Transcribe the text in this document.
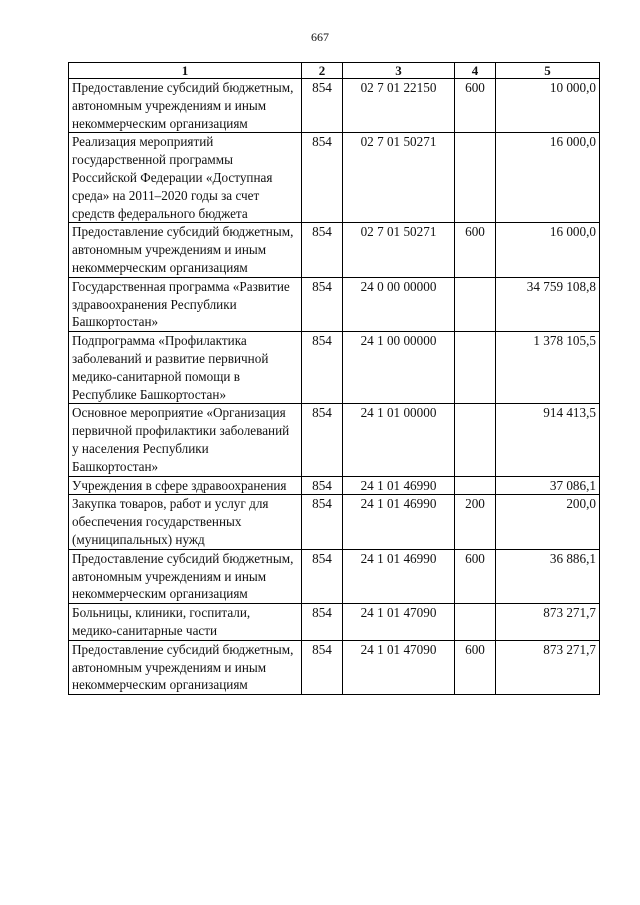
667
1	2	3	4	5
Предоставление субсидий бюджетным, автономным учреждениям и иным некоммерческим организациям	854	02 7 01 22150	600	10 000,0
Реализация мероприятий государственной программы Российской Федерации «Доступная среда» на 2011–2020 годы за счет средств федерального бюджета	854	02 7 01 50271		16 000,0
Предоставление субсидий бюджетным, автономным учреждениям и иным некоммерческим организациям	854	02 7 01 50271	600	16 000,0
Государственная программа «Развитие здравоохранения Республики Башкортостан»	854	24 0 00 00000		34 759 108,8
Подпрограмма «Профилактика заболеваний и развитие первичной медико-санитарной помощи в Республике Башкортостан»	854	24 1 00 00000		1 378 105,5
Основное мероприятие «Организация первичной профилактики заболеваний у населения Республики Башкортостан»	854	24 1 01 00000		914 413,5
Учреждения в сфере здравоохранения	854	24 1 01 46990		37 086,1
Закупка товаров, работ и услуг для обеспечения государственных (муниципальных) нужд	854	24 1 01 46990	200	200,0
Предоставление субсидий бюджетным, автономным учреждениям и иным некоммерческим организациям	854	24 1 01 46990	600	36 886,1
Больницы, клиники, госпитали, медико-санитарные части	854	24 1 01 47090		873 271,7
Предоставление субсидий бюджетным, автономным учреждениям и иным некоммерческим организациям	854	24 1 01 47090	600	873 271,7
